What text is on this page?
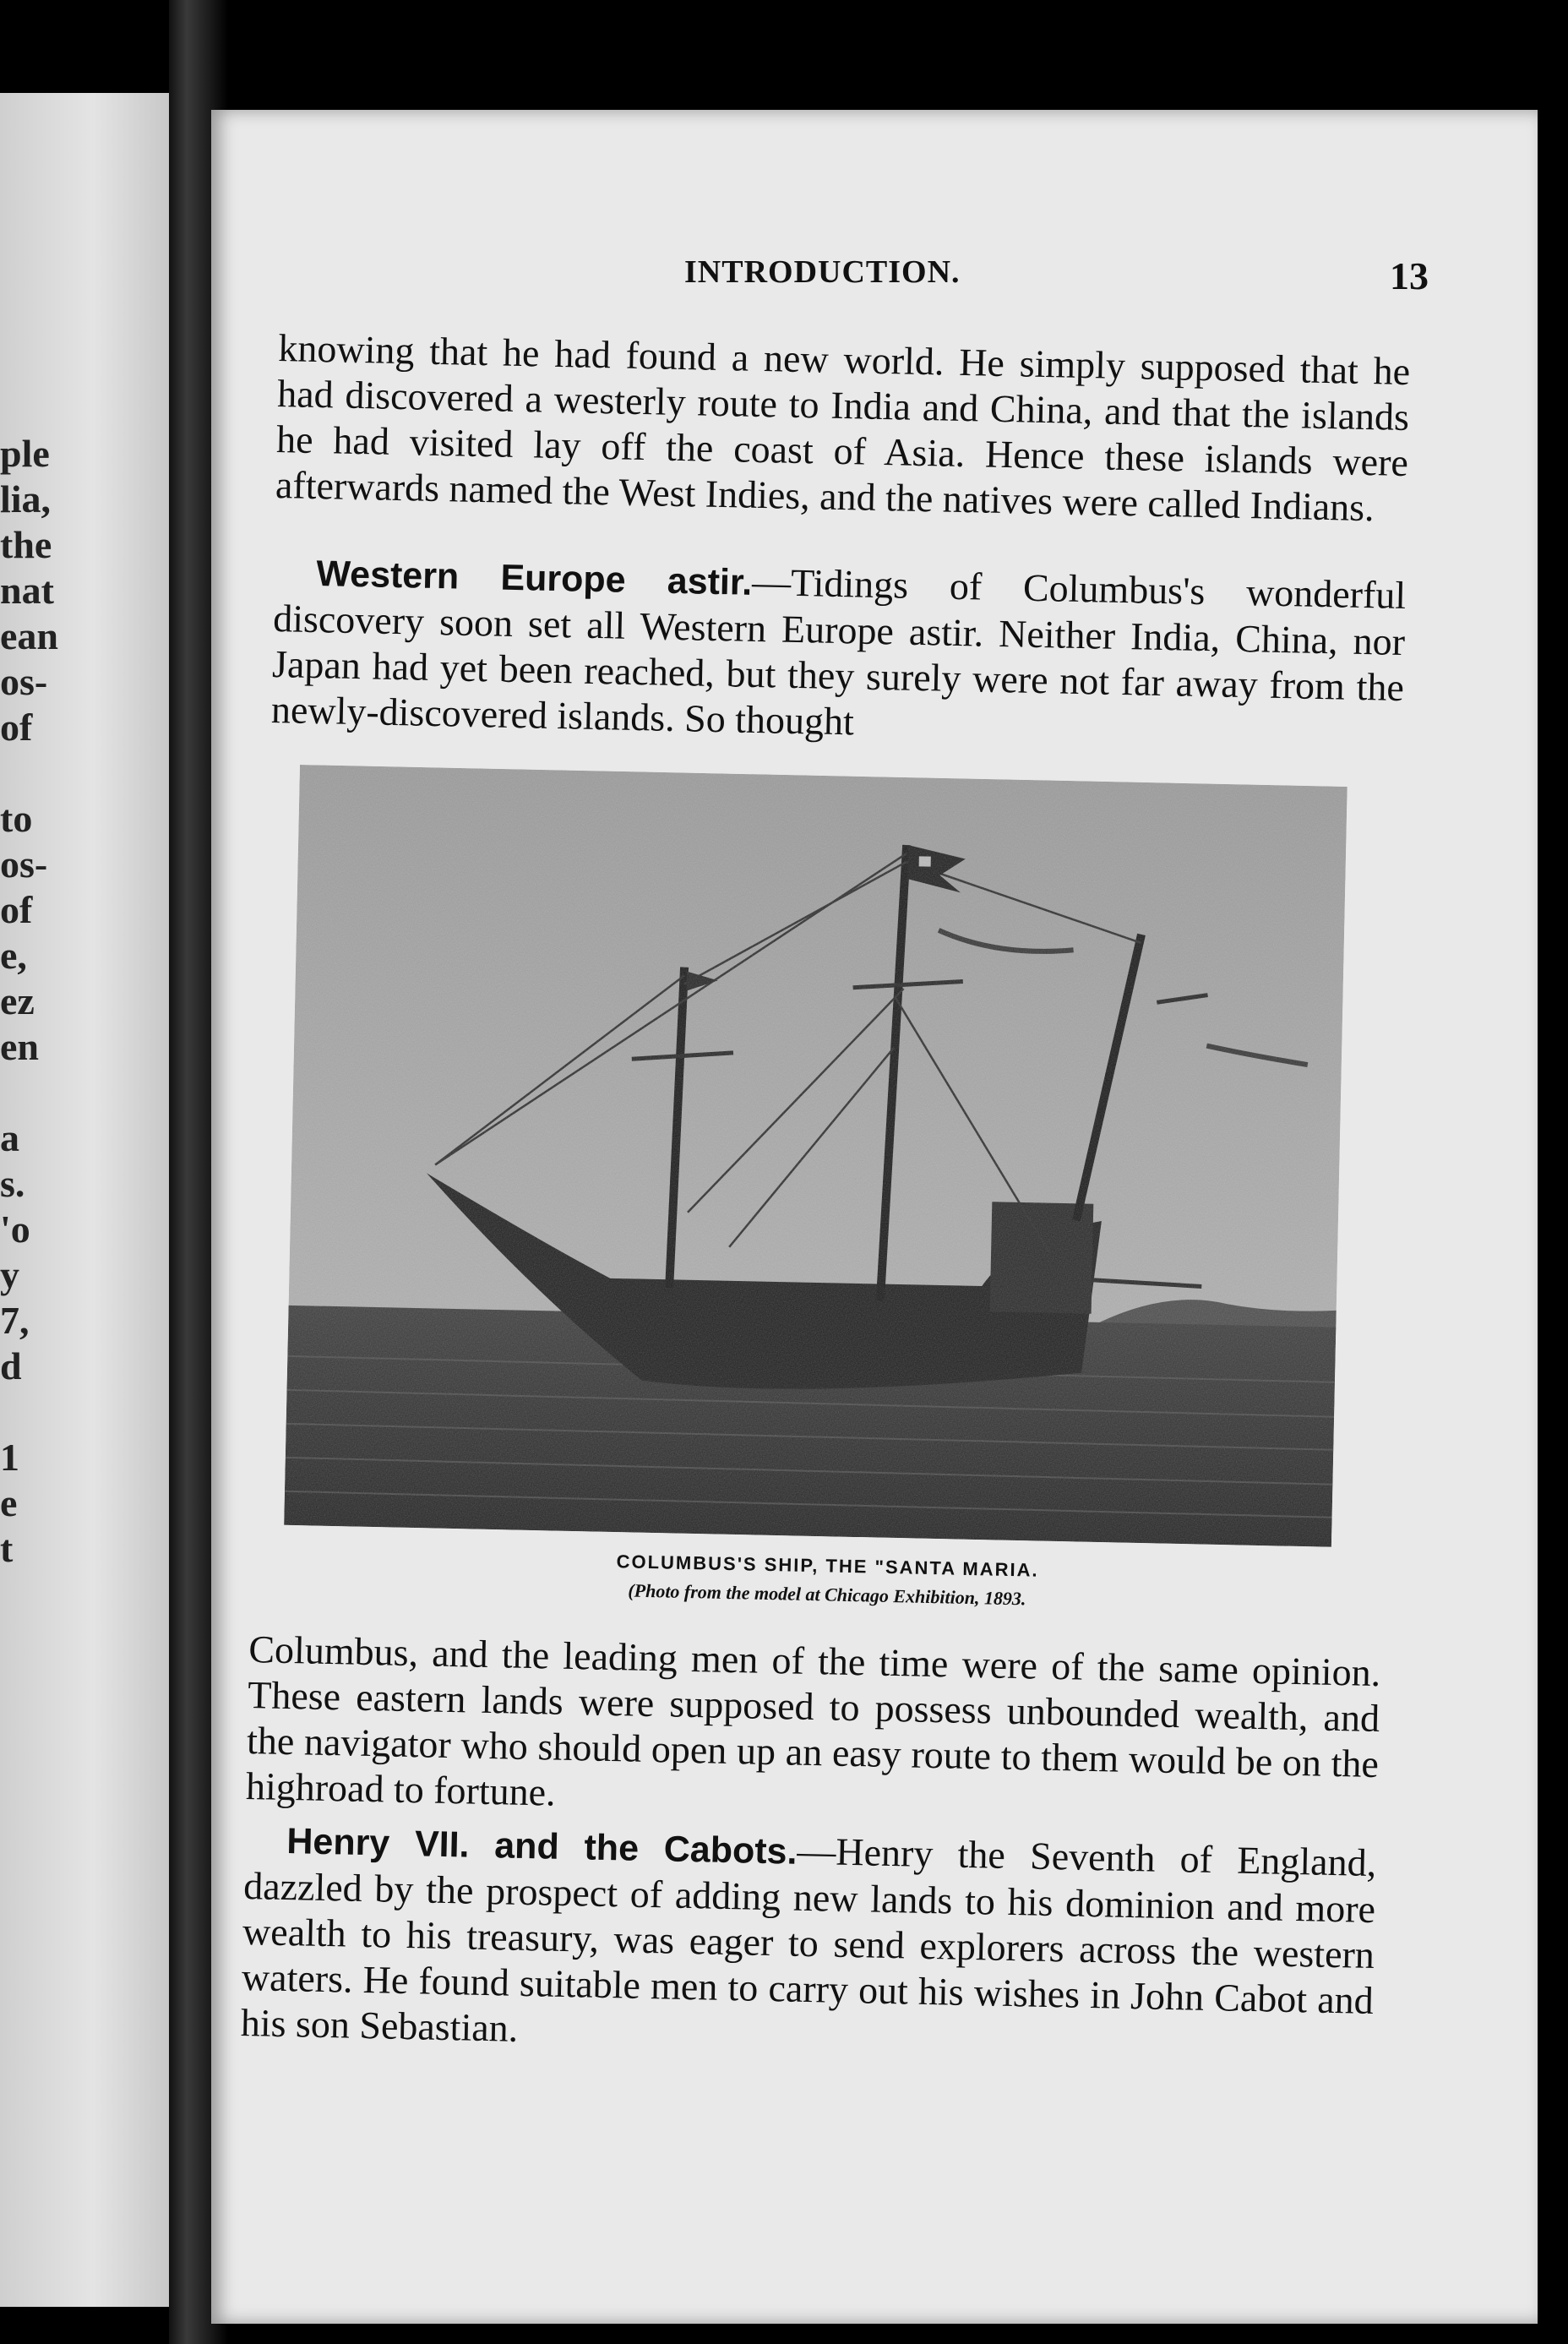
ple
lia,
the
nat
ean
os-
of

to
os-
of
e,
ez
en

a
s.
'o
y
7,
d

1
e
t
INTRODUCTION.	13
knowing that he had found a new world. He simply supposed that he had discovered a westerly route to India and China, and that the islands he had visited lay off the coast of Asia. Hence these islands were afterwards named the West Indies, and the natives were called Indians.
Western Europe astir.—Tidings of Columbus's wonderful discovery soon set all Western Europe astir. Neither India, China, nor Japan had yet been reached, but they surely were not far away from the newly-discovered islands. So thought
COLUMBUS'S SHIP, THE "SANTA MARIA.
(Photo from the model at Chicago Exhibition, 1893.
Columbus, and the leading men of the time were of the same opinion. These eastern lands were supposed to possess unbounded wealth, and the navigator who should open up an easy route to them would be on the highroad to fortune.
Henry VII. and the Cabots.—Henry the Seventh of England, dazzled by the prospect of adding new lands to his dominion and more wealth to his treasury, was eager to send explorers across the western waters. He found suitable men to carry out his wishes in John Cabot and his son Sebastian.
